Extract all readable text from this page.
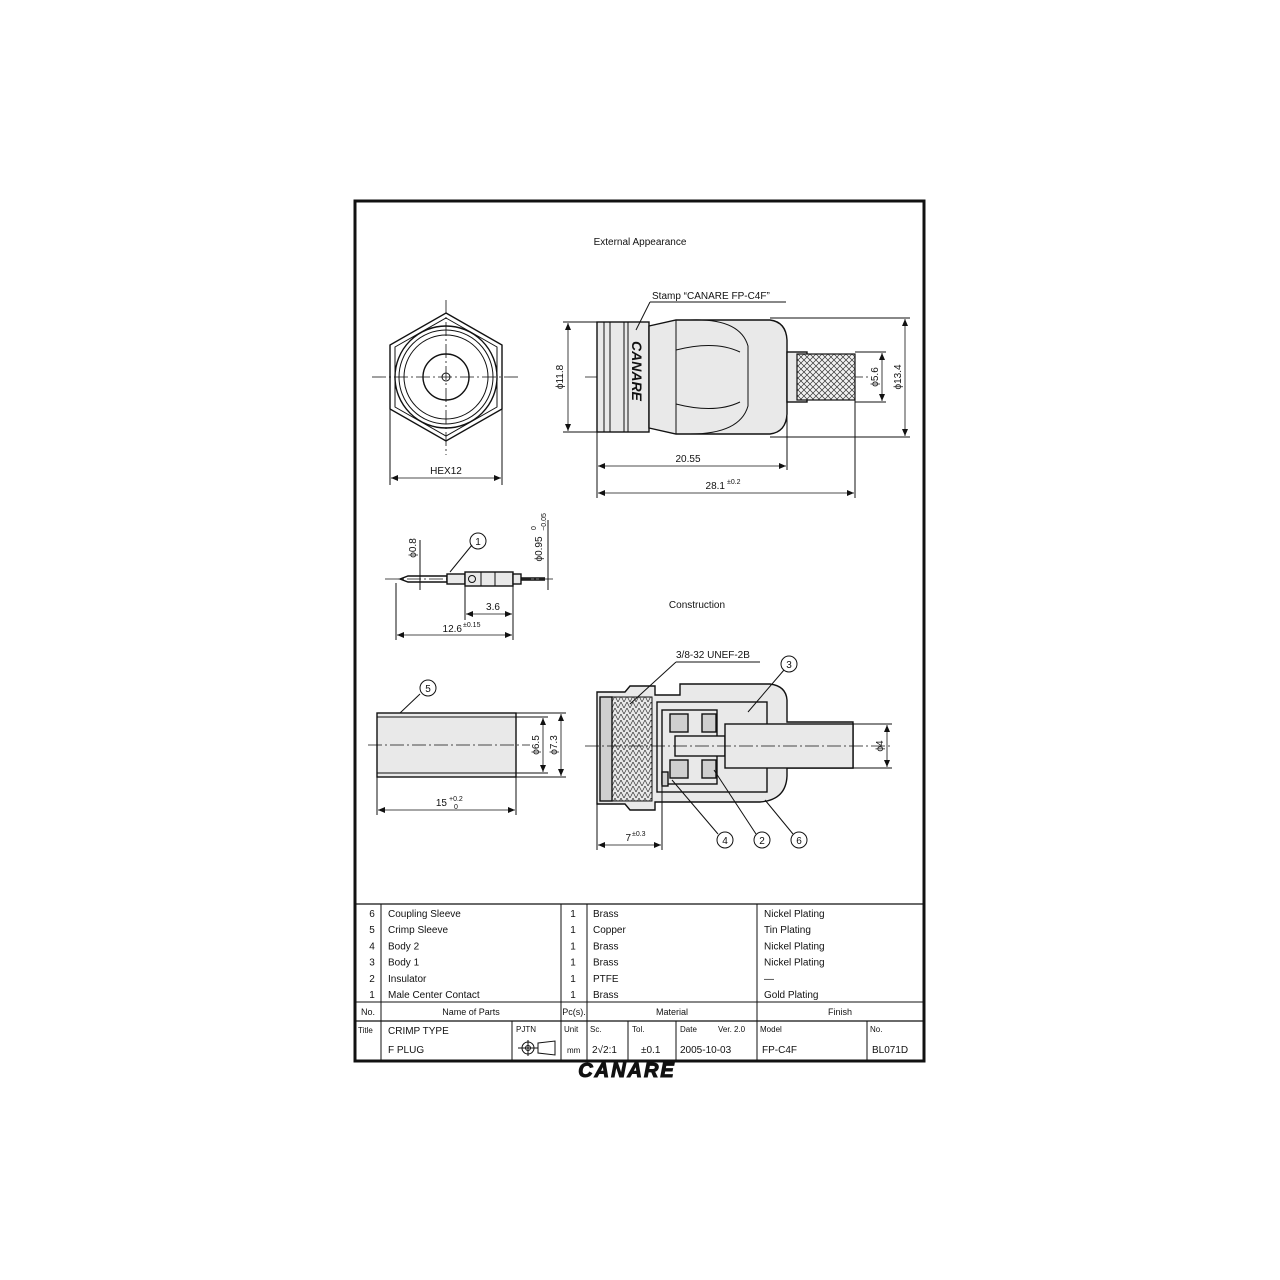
External Appearance
Construction
HEX12
CANARE
Stamp “CANARE FP-C4F”
ϕ11.8	ϕ5.6 ϕ13.4
20.55
28.1 ±0.2
ϕ0.8	ϕ0.95
0 −0.05
1
3.6
12.6 ±0.15
5
ϕ6.5 ϕ7.3
15 +0.2
0
3/8-32 UNEF-2B
3
4	2	6
ϕ4
7 ±0.3
6 Coupling Sleeve	1 Brass	Nickel Plating
5 Crimp Sleeve	1 Copper	Tin Plating
4 Body 2	1 Brass	Nickel Plating
3 Body 1	1 Brass	Nickel Plating
2 Insulator	1 PTFE	—
1 Male Center Contact	1 Brass	Gold Plating
No.	Name of Parts	Pc(s).	Material	Finish
Title CRIMP TYPE
F PLUG
PJTN	Unit
mm
Sc.
2√2:1
Tol.
±0.1
Date	Ver. 2.0
2005-10-03
Model
FP-C4F
No.
BL071D
CANARE
